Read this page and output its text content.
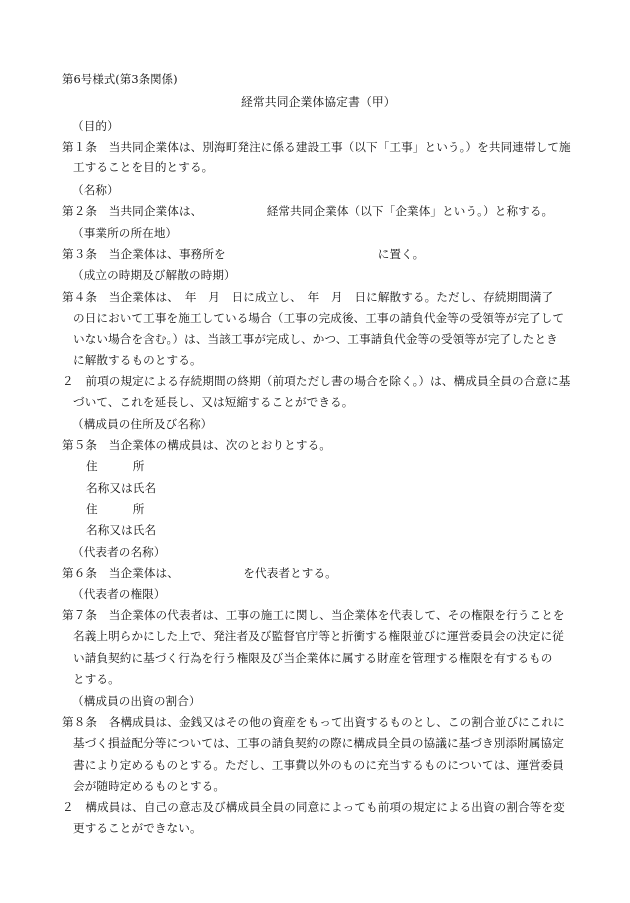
第6号様式(第3条関係)
経常共同企業体協定書（甲）
（目的）
第１条　当共同企業体は、別海町発注に係る建設工事（以下「工事」という。）を共同連帯して施
工することを目的とする。
（名称）
第２条　当共同企業体は、　　　　　　経常共同企業体（以下「企業体」という。）と称する。
（事業所の所在地）
第３条　当企業体は、事務所を　　　　　　　　　　　　　に置く。
（成立の時期及び解散の時期）
第４条　当企業体は、　年　月　日に成立し、　年　月　日に解散する。ただし、存続期間満了
の日において工事を施工している場合（工事の完成後、工事の請負代金等の受領等が完了して
いない場合を含む。）は、当該工事が完成し、かつ、工事請負代金等の受領等が完了したとき
に解散するものとする。
２　前項の規定による存続期間の終期（前項ただし書の場合を除く。）は、構成員全員の合意に基
づいて、これを延長し、又は短縮することができる。
（構成員の住所及び名称）
第５条　当企業体の構成員は、次のとおりとする。
住　　　所
名称又は氏名
住　　　所
名称又は氏名
（代表者の名称）
第６条　当企業体は、　　　　　　を代表者とする。
（代表者の権限）
第７条　当企業体の代表者は、工事の施工に関し、当企業体を代表して、その権限を行うことを
名義上明らかにした上で、発注者及び監督官庁等と折衝する権限並びに運営委員会の決定に従
い請負契約に基づく行為を行う権限及び当企業体に属する財産を管理する権限を有するもの
とする。
（構成員の出資の割合）
第８条　各構成員は、金銭又はその他の資産をもって出資するものとし、この割合並びにこれに
基づく損益配分等については、工事の請負契約の際に構成員全員の協議に基づき別添附属協定
書により定めるものとする。ただし、工事費以外のものに充当するものについては、運営委員
会が随時定めるものとする。
２　構成員は、自己の意志及び構成員全員の同意によっても前項の規定による出資の割合等を変
更することができない。
